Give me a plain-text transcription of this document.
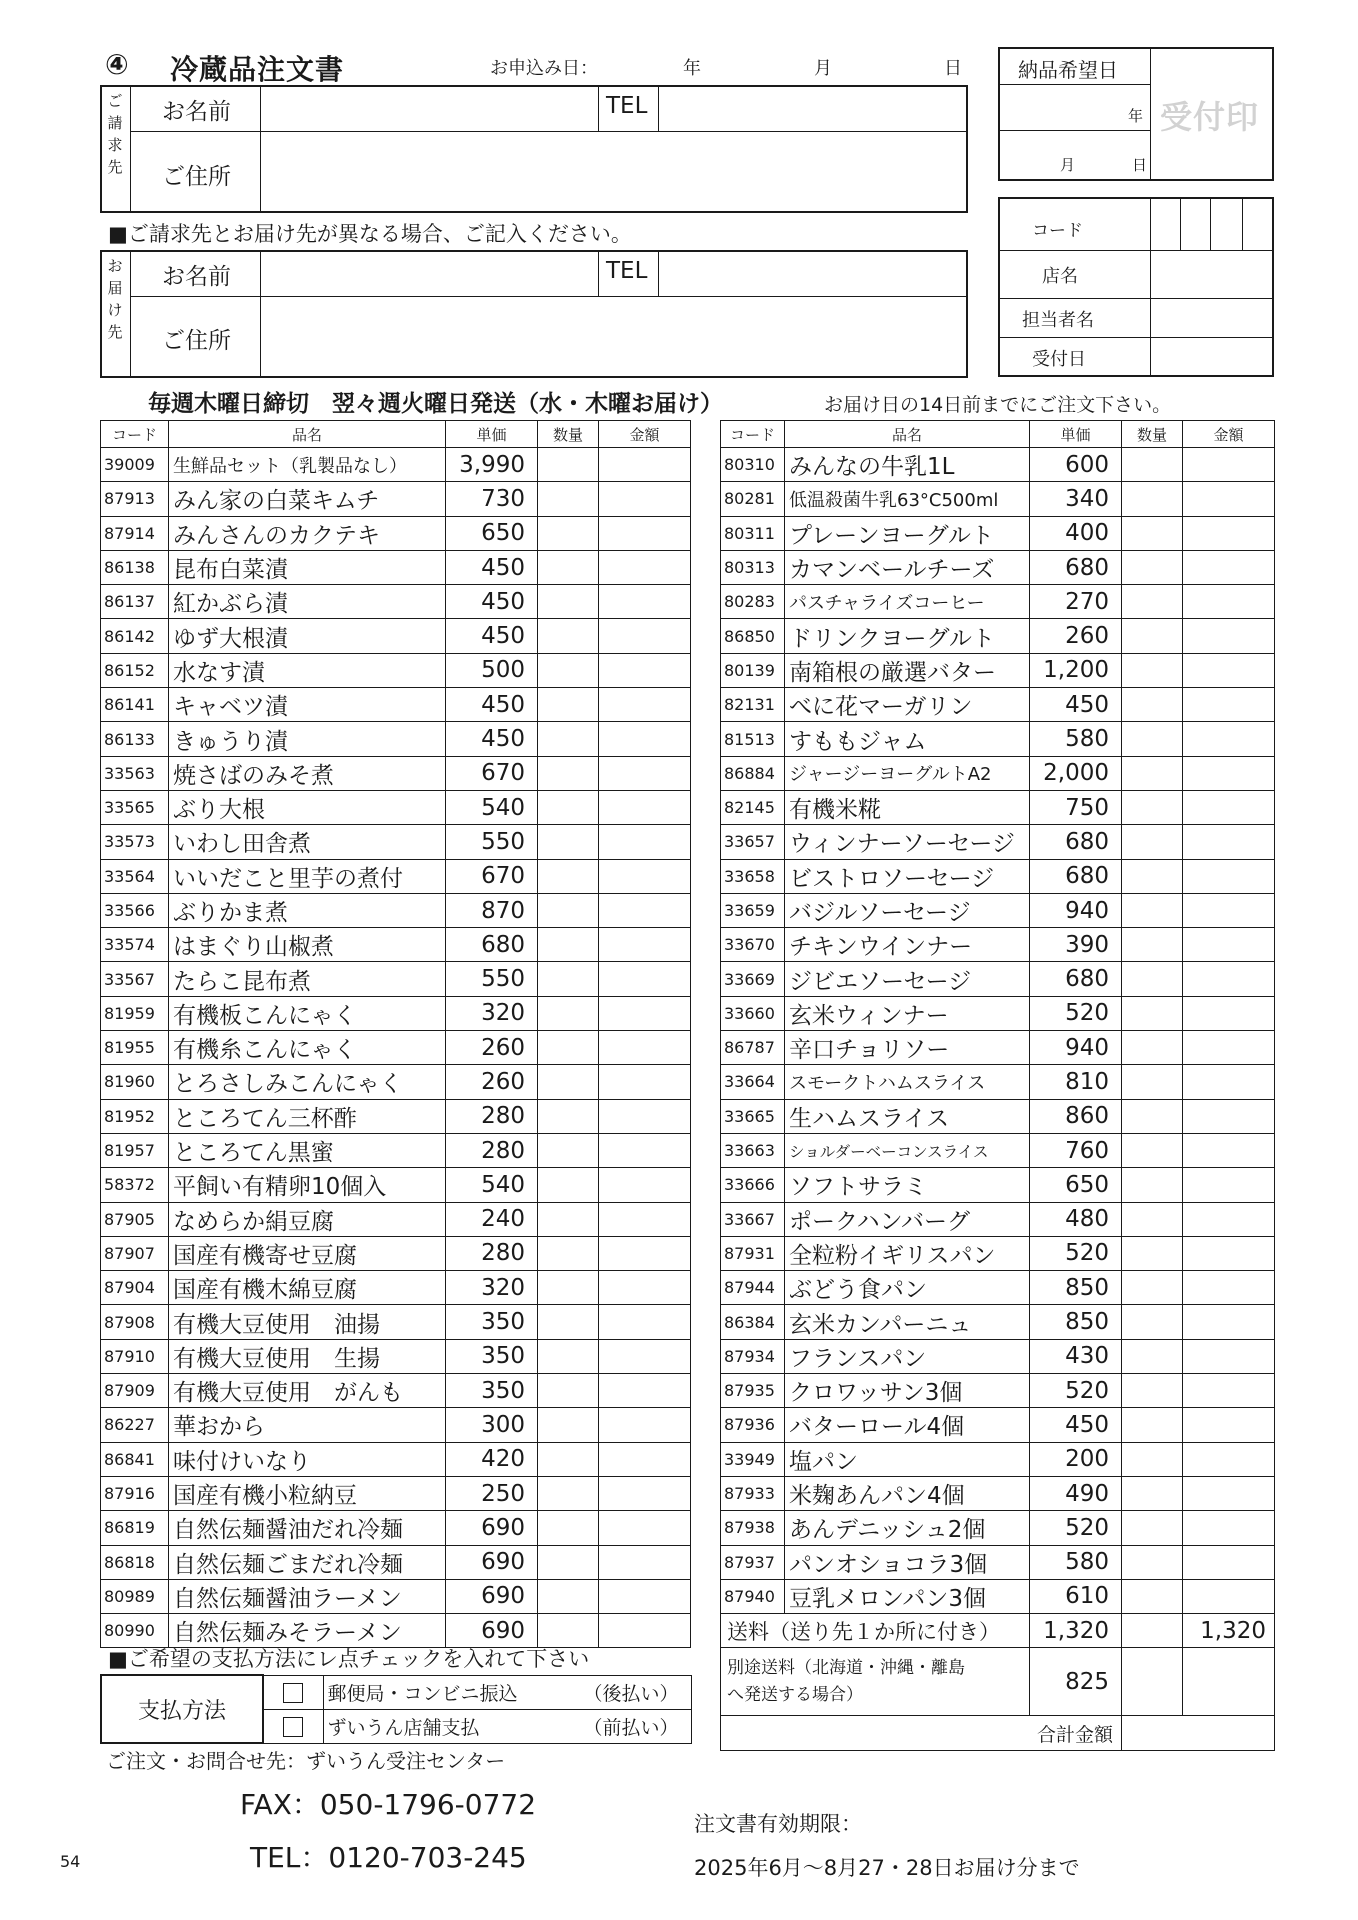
④ 冷蔵品注文書	お申込み日：	年	月	日
ご
請
求
先
お名前	TEL
ご住所
■ご請求先とお届け先が異なる場合、ご記入ください。
お
届
け
先
お名前	TEL
ご住所
納品希望日
年
月	日
受付印
コード
店名
担当者名
受付日
毎週木曜日締切　翌々週火曜日発送（水・木曜お届け）	お届け日の14日前までにご注文下さい。
コード	品名	単価	数量	金額
39009	生鮮品セット（乳製品なし）	3,990		
87913	みん家の白菜キムチ	730		
87914	みんさんのカクテキ	650		
86138	昆布白菜漬	450		
86137	紅かぶら漬	450		
86142	ゆず大根漬	450		
86152	水なす漬	500		
86141	キャベツ漬	450		
86133	きゅうり漬	450		
33563	焼さばのみそ煮	670		
33565	ぶり大根	540		
33573	いわし田舎煮	550		
33564	いいだこと里芋の煮付	670		
33566	ぶりかま煮	870		
33574	はまぐり山椒煮	680		
33567	たらこ昆布煮	550		
81959	有機板こんにゃく	320		
81955	有機糸こんにゃく	260		
81960	とろさしみこんにゃく	260		
81952	ところてん三杯酢	280		
81957	ところてん黒蜜	280		
58372	平飼い有精卵10個入	540		
87905	なめらか絹豆腐	240		
87907	国産有機寄せ豆腐	280		
87904	国産有機木綿豆腐	320		
87908	有機大豆使用　油揚	350		
87910	有機大豆使用　生揚	350		
87909	有機大豆使用　がんも	350		
86227	華おから	300		
86841	味付けいなり	420		
87916	国産有機小粒納豆	250		
86819	自然伝麺醤油だれ冷麺	690		
86818	自然伝麺ごまだれ冷麺	690		
80989	自然伝麺醤油ラーメン	690		
80990	自然伝麺みそラーメン	690		
コード	品名	単価	数量	金額
80310	みんなの牛乳1L	600		
80281	低温殺菌牛乳63°C500ml	340		
80311	プレーンヨーグルト	400		
80313	カマンベールチーズ	680		
80283	パスチャライズコーヒー	270		
86850	ドリンクヨーグルト	260		
80139	南箱根の厳選バター	1,200		
82131	べに花マーガリン	450		
81513	すももジャム	580		
86884	ジャージーヨーグルトA2	2,000		
82145	有機米糀	750		
33657	ウィンナーソーセージ	680		
33658	ビストロソーセージ	680		
33659	バジルソーセージ	940		
33670	チキンウインナー	390		
33669	ジビエソーセージ	680		
33660	玄米ウィンナー	520		
86787	辛口チョリソー	940		
33664	スモークトハムスライス	810		
33665	生ハムスライス	860		
33663	ショルダーベーコンスライス	760		
33666	ソフトサラミ	650		
33667	ポークハンバーグ	480		
87931	全粒粉イギリスパン	520		
87944	ぶどう食パン	850		
86384	玄米カンパーニュ	850		
87934	フランスパン	430		
87935	クロワッサン3個	520		
87936	バターロール4個	450		
33949	塩パン	200		
87933	米麹あんパン4個	490		
87938	あんデニッシュ2個	520		
87937	パンオショコラ3個	580		
87940	豆乳メロンパン3個	610		
送料（送り先１か所に付き）		1,320		1,320

別途送料（北海道・沖縄・離島
へ発送する場合）		825		
合計金額				
■ご希望の支払方法にレ点チェックを入れて下さい
支払方法		郵便局・コンビニ振込 （後払い）

		ずいうん店舗支払 （前払い）
ご注文・お問合せ先：ずいうん受注センター
FAX：050-1796-0772
TEL：0120-703-245
注文書有効期限：
2025年6月～8月27・28日お届け分まで
54
